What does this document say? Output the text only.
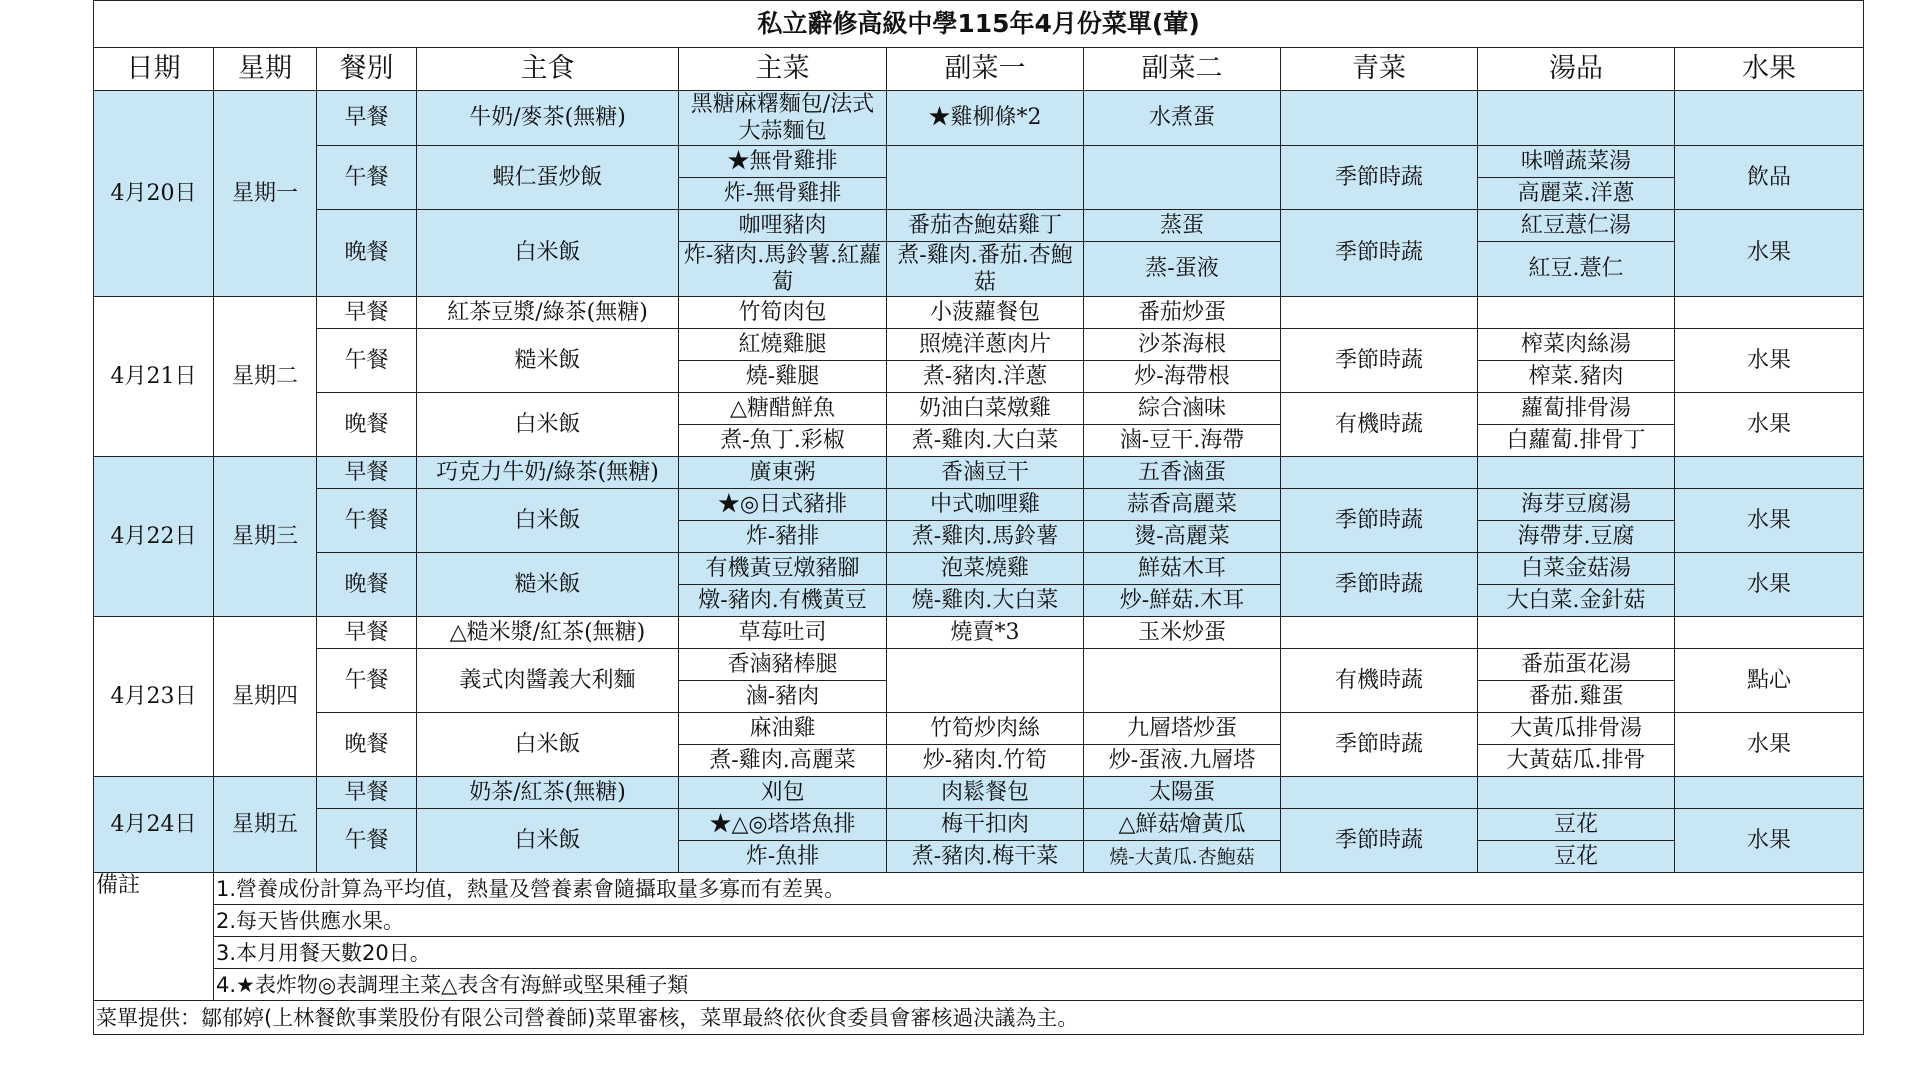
私立辭修高級中學115年4月份菜單(葷)									
日期	星期	餐別	主食	主菜	副菜一	副菜二	青菜	湯品	水果
4月20日	星期一	早餐	牛奶/麥茶(無糖)	黑糖麻糬麵包/法式大蒜麵包	★雞柳條*2	水煮蛋			
		午餐	蝦仁蛋炒飯	★無骨雞排			季節時蔬	味噌蔬菜湯	飲品
				炸-無骨雞排				高麗菜.洋蔥	
		晚餐	白米飯	咖哩豬肉	番茄杏鮑菇雞丁	蒸蛋	季節時蔬	紅豆薏仁湯	水果
				炸-豬肉.馬鈴薯.紅蘿蔔	煮-雞肉.番茄.杏鮑菇	蒸-蛋液		紅豆.薏仁	
4月21日	星期二	早餐	紅茶豆漿/綠茶(無糖)	竹筍肉包	小菠蘿餐包	番茄炒蛋			
		午餐	糙米飯	紅燒雞腿	照燒洋蔥肉片	沙茶海根	季節時蔬	榨菜肉絲湯	水果
				燒-雞腿	煮-豬肉.洋蔥	炒-海帶根		榨菜.豬肉	
		晚餐	白米飯	△糖醋鮮魚	奶油白菜燉雞	綜合滷味	有機時蔬	蘿蔔排骨湯	水果
				煮-魚丁.彩椒	煮-雞肉.大白菜	滷-豆干.海帶		白蘿蔔.排骨丁	
4月22日	星期三	早餐	巧克力牛奶/綠茶(無糖)	廣東粥	香滷豆干	五香滷蛋			
		午餐	白米飯	★◎日式豬排	中式咖哩雞	蒜香高麗菜	季節時蔬	海芽豆腐湯	水果
				炸-豬排	煮-雞肉.馬鈴薯	燙-高麗菜		海帶芽.豆腐	
		晚餐	糙米飯	有機黃豆燉豬腳	泡菜燒雞	鮮菇木耳	季節時蔬	白菜金菇湯	水果
				燉-豬肉.有機黃豆	燒-雞肉.大白菜	炒-鮮菇.木耳		大白菜.金針菇	
4月23日	星期四	早餐	△糙米漿/紅茶(無糖)	草莓吐司	燒賣*3	玉米炒蛋			
		午餐	義式肉醬義大利麵	香滷豬棒腿			有機時蔬	番茄蛋花湯	點心
				滷-豬肉				番茄.雞蛋	
		晚餐	白米飯	麻油雞	竹筍炒肉絲	九層塔炒蛋	季節時蔬	大黃瓜排骨湯	水果
				煮-雞肉.高麗菜	炒-豬肉.竹筍	炒-蛋液.九層塔		大黃菇瓜.排骨	
4月24日	星期五	早餐	奶茶/紅茶(無糖)	刈包	肉鬆餐包	太陽蛋			
		午餐	白米飯	★△◎塔塔魚排	梅干扣肉	△鮮菇燴黃瓜	季節時蔬	豆花	水果
				炸-魚排	煮-豬肉.梅干菜	燒-大黃瓜.杏鮑菇		豆花	
備註	1.營養成份計算為平均值，熱量及營養素會隨攝取量多寡而有差異。								
	2.每天皆供應水果。								
	3.本月用餐天數20日。								
	4.★表炸物◎表調理主菜△表含有海鮮或堅果種子類								
菜單提供：鄒郁婷(上林餐飲事業股份有限公司營養師)菜單審核，菜單最終依伙食委員會審核過決議為主。									
